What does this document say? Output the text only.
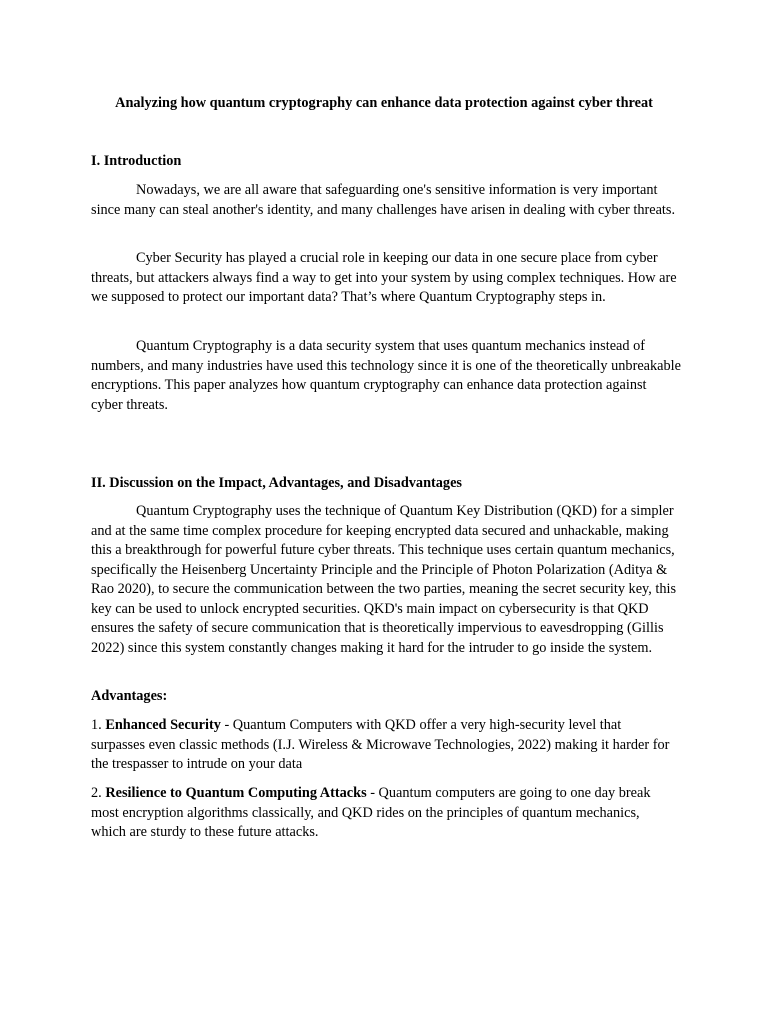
Analyzing how quantum cryptography can enhance data protection against cyber threat

I. Introduction

Nowadays, we are all aware that safeguarding one's sensitive information is very important since many can steal another's identity, and many challenges have arisen in dealing with cyber threats.

Cyber Security has played a crucial role in keeping our data in one secure place from cyber threats, but attackers always find a way to get into your system by using complex techniques. How are we supposed to protect our important data? That’s where Quantum Cryptography steps in.

Quantum Cryptography is a data security system that uses quantum mechanics instead of numbers, and many industries have used this technology since it is one of the theoretically unbreakable encryptions. This paper analyzes how quantum cryptography can enhance data protection against cyber threats.

II. Discussion on the Impact, Advantages, and Disadvantages

Quantum Cryptography uses the technique of Quantum Key Distribution (QKD) for a simpler and at the same time complex procedure for keeping encrypted data secured and unhackable, making this a breakthrough for powerful future cyber threats. This technique uses certain quantum mechanics, specifically the Heisenberg Uncertainty Principle and the Principle of Photon Polarization (Aditya & Rao 2020), to secure the communication between the two parties, meaning the secret security key, this key can be used to unlock encrypted securities. QKD's main impact on cybersecurity is that QKD ensures the safety of secure communication that is theoretically impervious to eavesdropping (Gillis 2022) since this system constantly changes making it hard for the intruder to go inside the system.

Advantages:

1. Enhanced Security - Quantum Computers with QKD offer a very high-security level that surpasses even classic methods (I.J. Wireless & Microwave Technologies, 2022) making it harder for the trespasser to intrude on your data

2. Resilience to Quantum Computing Attacks - Quantum computers are going to one day break most encryption algorithms classically, and QKD rides on the principles of quantum mechanics, which are sturdy to these future attacks.
